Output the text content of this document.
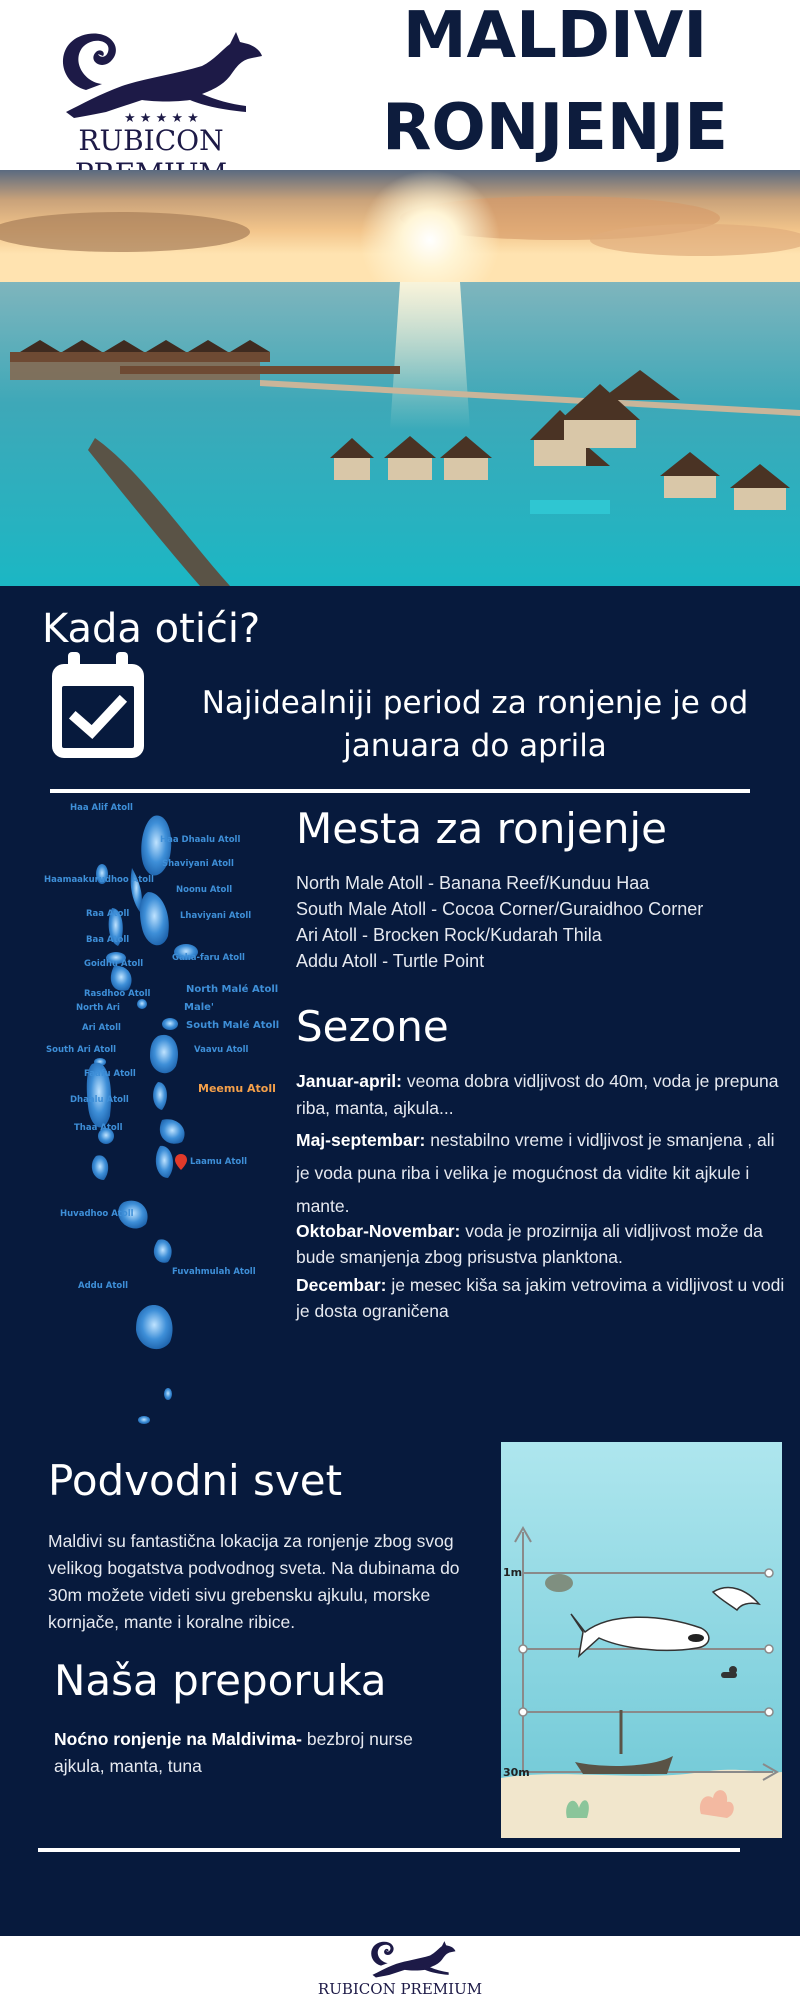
★ ★ ★ ★ ★
RUBICON
MALDIVI
RONJENJE
Kada otići?
Najidealniji period za ronjenje je od januara do aprila
Haa Alif Atoll
Haa Dhaalu Atoll
Shaviyani Atoll
Noonu Atoll
Haamaakurudhoo Atoll
Raa Atoll	Lhaviyani Atoll
Baa Atoll
Goidhu Atoll
Gaha-faru Atoll
North Malé Atoll
Rasdhoo Atoll
North Ari	Male'
Ari Atoll	South Malé Atoll
South Ari Atoll	Vaavu Atoll
Faafu Atoll
Meemu Atoll
Dhaalu Atoll
Thaa Atoll
Laamu Atoll
Huvadhoo Atoll
Fuvahmulah Atoll
Addu Atoll
Mesta za ronjenje
North Male Atoll - Banana Reef/Kunduu Haa
South Male Atoll - Cocoa Corner/Guraidhoo Corner
Ari Atoll - Brocken Rock/Kudarah Thila
Addu Atoll - Turtle Point
Sezone
Januar-april: veoma dobra vidljivost do 40m, voda je prepuna riba, manta, ajkula...
Maj-septembar: nestabilno vreme i vidljivost je smanjena , ali je voda puna riba i velika je mogućnost da vidite kit ajkule i mante.
Oktobar-Novembar: voda je prozirnija ali vidljivost može da bude smanjenja zbog prisustva planktona.
Decembar: je mesec kiša sa jakim vetrovima a vidljivost u vodi je dosta ograničena
Podvodni svet
Maldivi su fantastična lokacija za ronjenje zbog svog velikog bogatstva podvodnog sveta. Na dubinama do 30m možete videti sivu grebensku ajkulu, morske kornjače, mante i koralne ribice.
Naša preporuka
Noćno ronjenje na Maldivima- bezbroj nurse ajkula, manta, tuna
1m
30m
RUBICON PREMIUM
